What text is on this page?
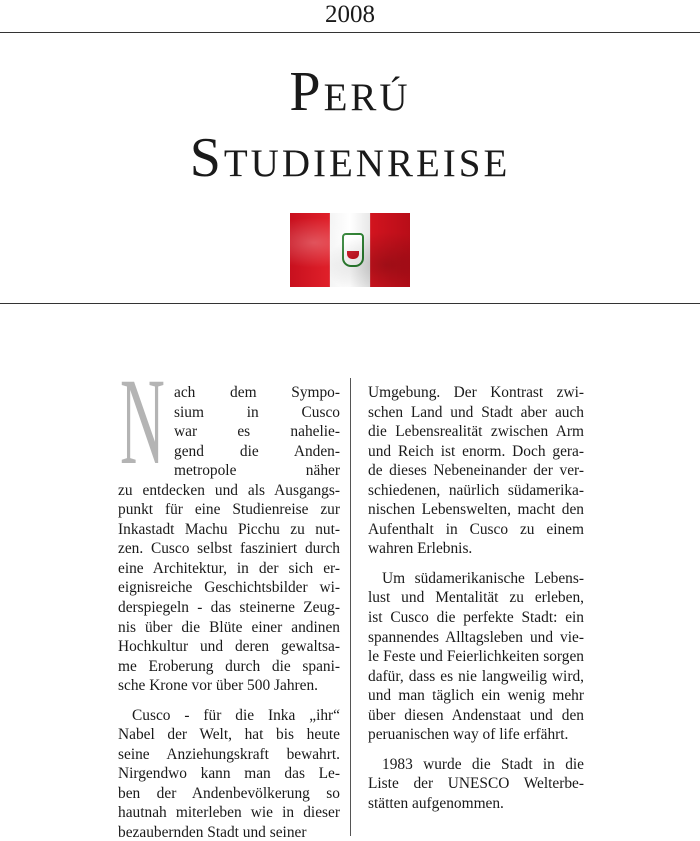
2008
Perú
Studienreise
N ach dem Sympo-
sium in Cusco
war es nahelie-
gend die Anden-
metropole näher
zu entdecken und als Ausgangs-
punkt für eine Studienreise zur
Inkastadt Machu Picchu zu nut-
zen. Cusco selbst fasziniert durch
eine Architektur, in der sich er-
eignisreiche Geschichtsbilder wi-
derspiegeln - das steinerne Zeug-
nis über die Blüte einer andinen
Hochkultur und deren gewaltsa-
me Eroberung durch die spani-
sche Krone vor über 500 Jahren.
Cusco - für die Inka „ihr“
Nabel der Welt, hat bis heute
seine Anziehungskraft bewahrt.
Nirgendwo kann man das Le-
ben der Andenbevölkerung so
hautnah miterleben wie in dieser
bezaubernden Stadt und seiner
Umgebung. Der Kontrast zwi-
schen Land und Stadt aber auch
die Lebensrealität zwischen Arm
und Reich ist enorm. Doch gera-
de dieses Nebeneinander der ver-
schiedenen, naürlich südamerika-
nischen Lebenswelten, macht den
Aufenthalt in Cusco zu einem
wahren Erlebnis.
Um südamerikanische Lebens-
lust und Mentalität zu erleben,
ist Cusco die perfekte Stadt: ein
spannendes Alltagsleben und vie-
le Feste und Feierlichkeiten sorgen
dafür, dass es nie langweilig wird,
und man täglich ein wenig mehr
über diesen Andenstaat und den
peruanischen way of life erfährt.
1983 wurde die Stadt in die
Liste der UNESCO Welterbe-
stätten aufgenommen.
